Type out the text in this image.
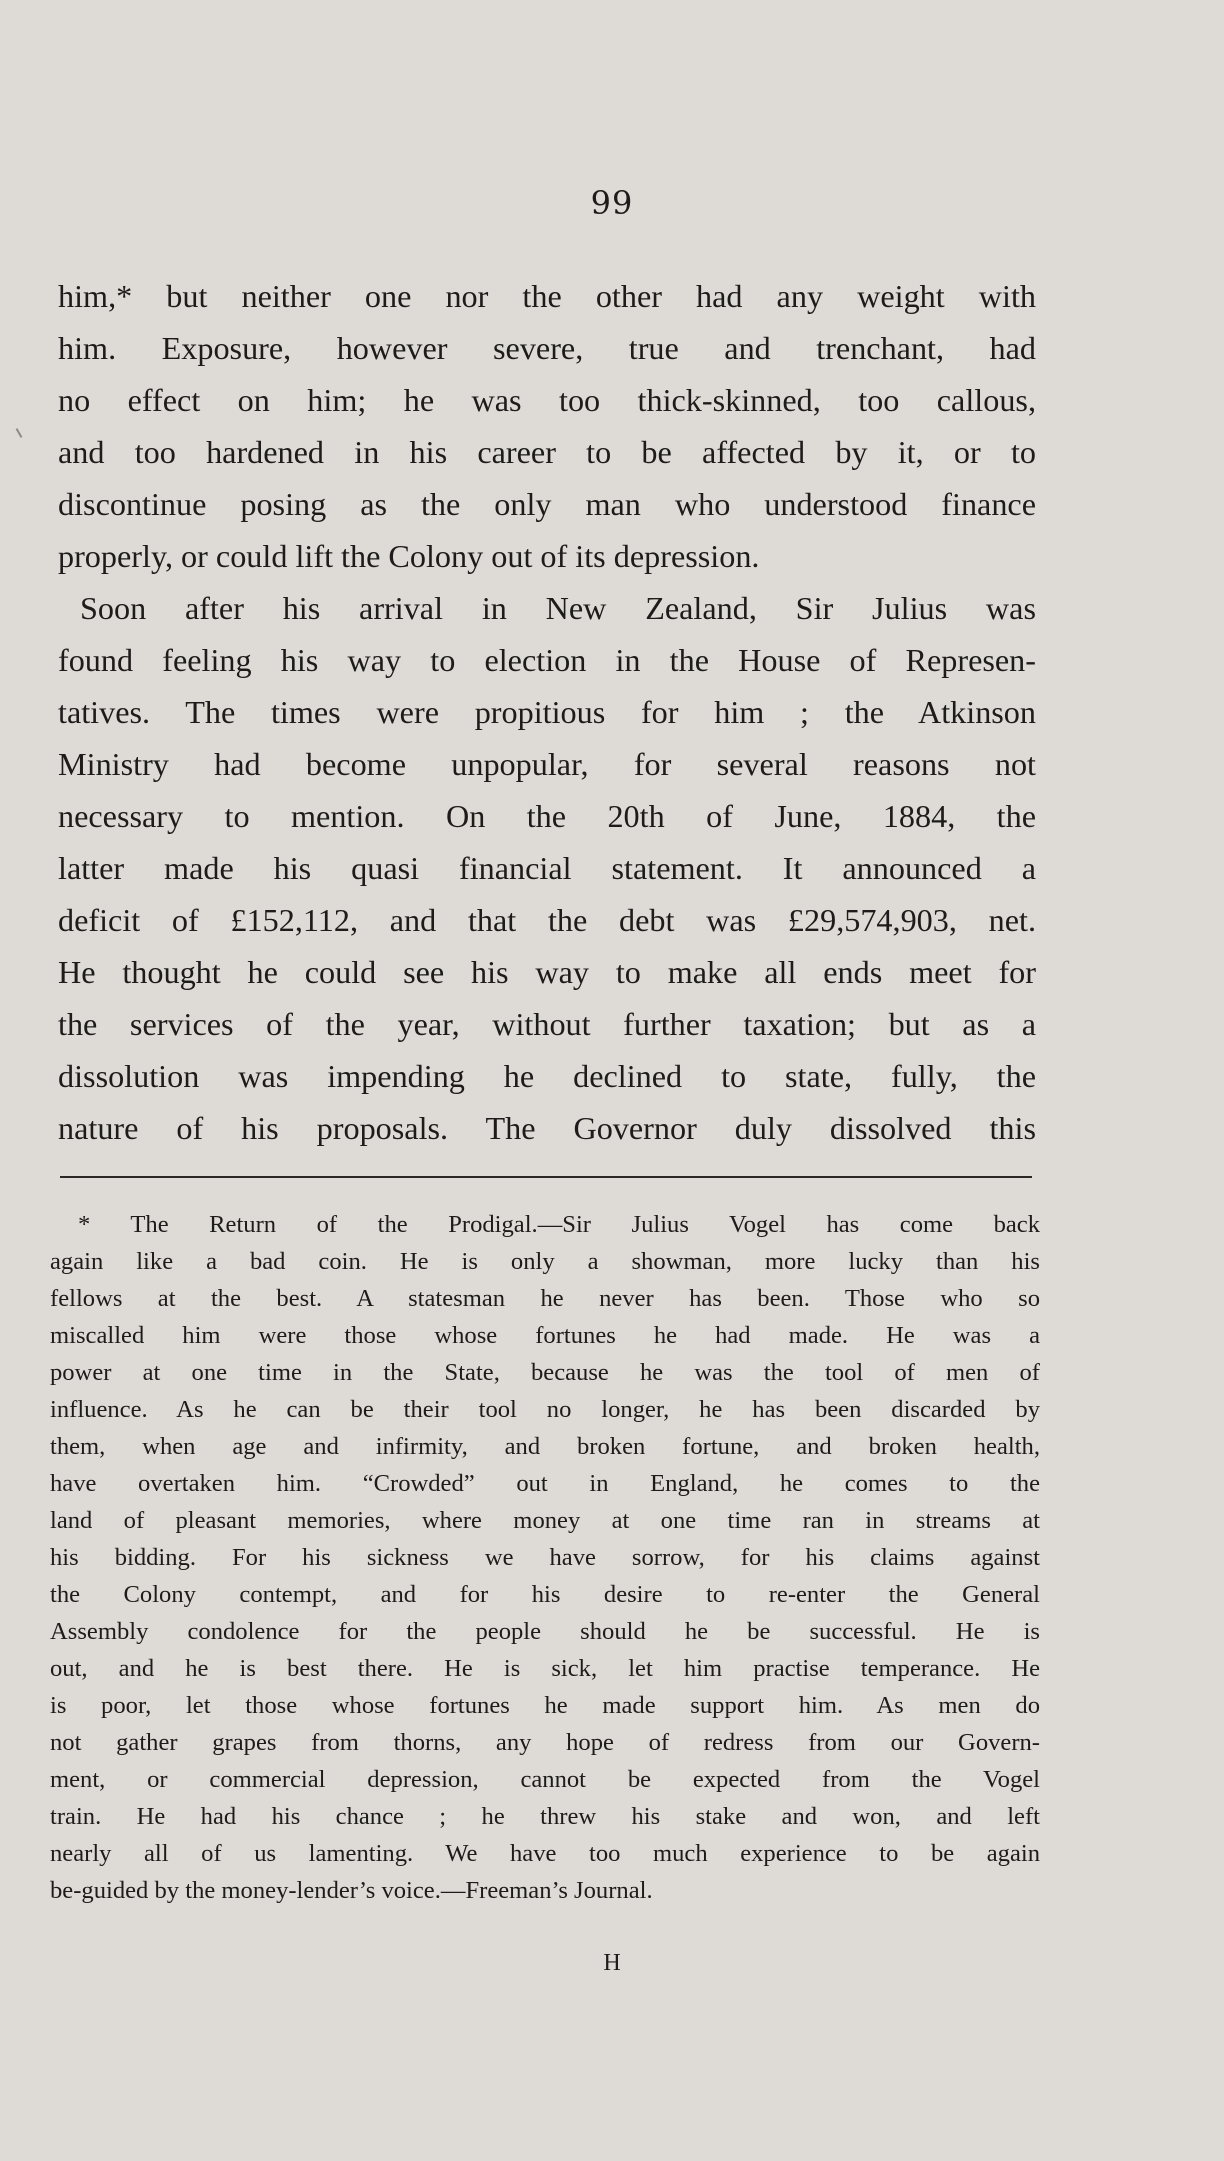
99
him,* but neither one nor the other had any weight with
him. Exposure, however severe, true and trenchant, had
no effect on him; he was too thick-skinned, too callous,
and too hardened in his career to be affected by it, or to
discontinue posing as the only man who understood finance
properly, or could lift the Colony out of its depression.
Soon after his arrival in New Zealand, Sir Julius was
found feeling his way to election in the House of Represen-
tatives. The times were propitious for him ; the Atkinson
Ministry had become unpopular, for several reasons not
necessary to mention. On the 20th of June, 1884, the
latter made his quasi financial statement. It announced a
deficit of £152,112, and that the debt was £29,574,903, net.
He thought he could see his way to make all ends meet for
the services of the year, without further taxation; but as a
dissolution was impending he declined to state, fully, the
nature of his proposals. The Governor duly dissolved this
* The Return of the Prodigal.—Sir Julius Vogel has come back
again like a bad coin. He is only a showman, more lucky than his
fellows at the best. A statesman he never has been. Those who so
miscalled him were those whose fortunes he had made. He was a
power at one time in the State, because he was the tool of men of
influence. As he can be their tool no longer, he has been discarded by
them, when age and infirmity, and broken fortune, and broken health,
have overtaken him. “Crowded” out in England, he comes to the
land of pleasant memories, where money at one time ran in streams at
his bidding. For his sickness we have sorrow, for his claims against
the Colony contempt, and for his desire to re-enter the General
Assembly condolence for the people should he be successful. He is
out, and he is best there. He is sick, let him practise temperance. He
is poor, let those whose fortunes he made support him. As men do
not gather grapes from thorns, any hope of redress from our Govern-
ment, or commercial depression, cannot be expected from the Vogel
train. He had his chance ; he threw his stake and won, and left
nearly all of us lamenting. We have too much experience to be again
be-guided by the money-lender’s voice.—Freeman’s Journal.
H
